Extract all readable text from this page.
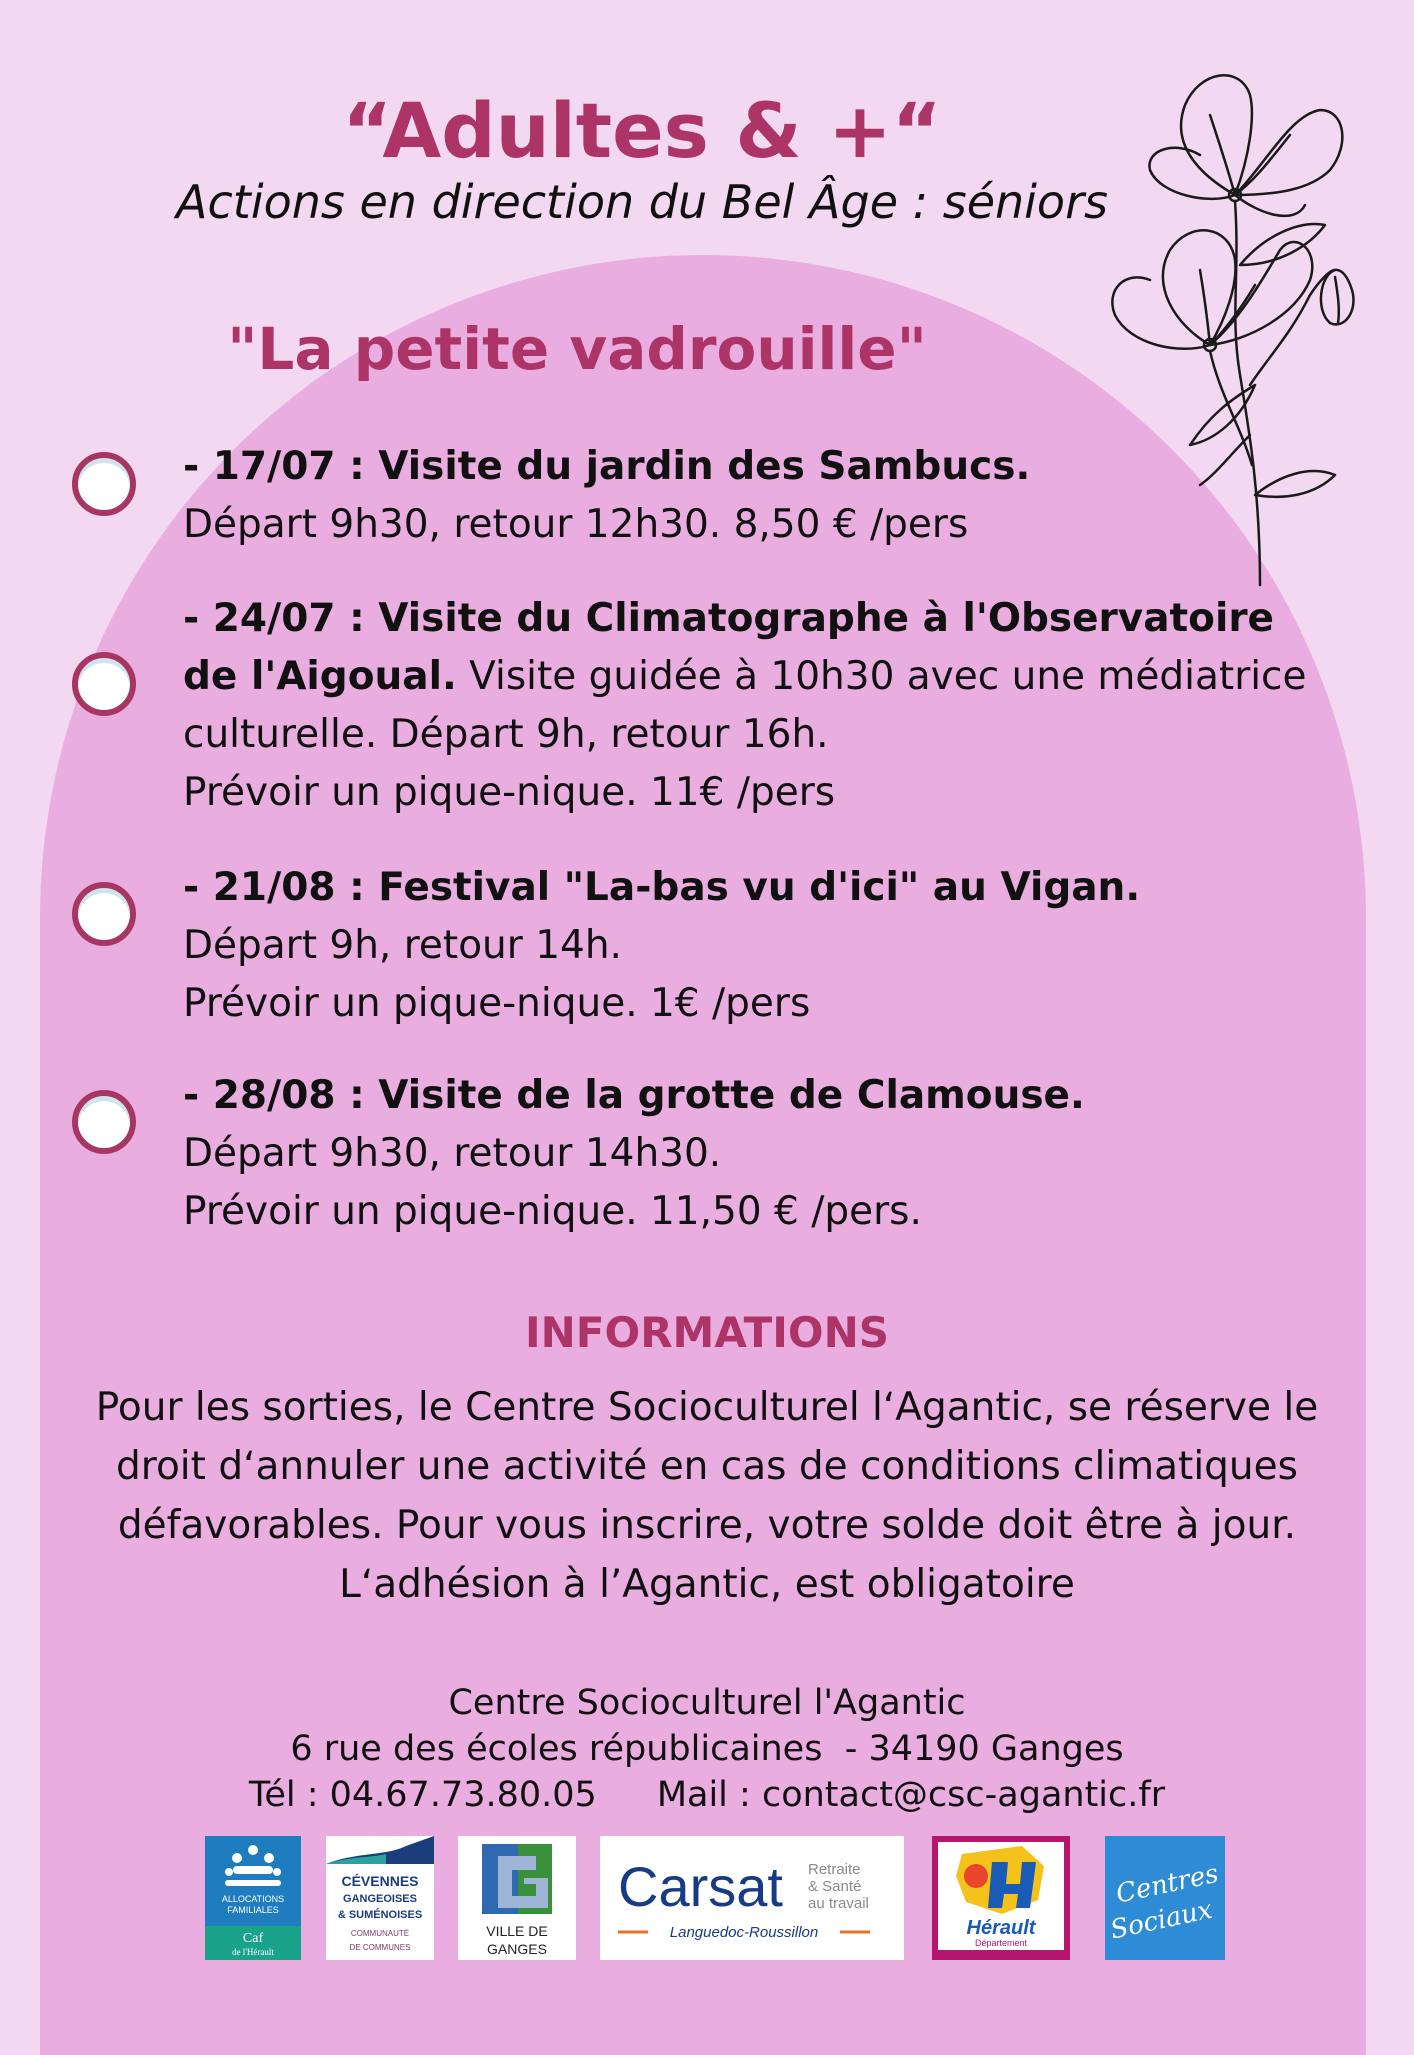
“Adultes & +“
Actions en direction du Bel Âge : séniors
"La petite vadrouille"
- 17/07 : Visite du jardin des Sambucs.
Départ 9h30, retour 12h30. 8,50 € /pers
- 24/07 : Visite du Climatographe à l'Observatoire de l'Aigoual. Visite guidée à 10h30 avec une médiatrice culturelle. Départ 9h, retour 16h.
Prévoir un pique-nique. 11€ /pers
- 21/08 : Festival "La-bas vu d'ici" au Vigan.
Départ 9h, retour 14h.
Prévoir un pique-nique. 1€ /pers
- 28/08 : Visite de la grotte de Clamouse.
Départ 9h30, retour 14h30.
Prévoir un pique-nique. 11,50 € /pers.
INFORMATIONS
Pour les sorties, le Centre Socioculturel l‘Agantic, se réserve le droit d‘annuler une activité en cas de conditions climatiques défavorables. Pour vous inscrire, votre solde doit être à jour. L‘adhésion à l’Agantic, est obligatoire
Centre Socioculturel l'Agantic
6 rue des écoles républicaines  - 34190 Ganges
Tél : 04.67.73.80.05 Mail : contact@csc-agantic.fr
ALLOCATIONS
FAMILIALES
Caf
de l'Hérault
CÉVENNES
GANGEOISES
& SUMÉNOISES
COMMUNAUTÉ
DE COMMUNES
VILLE DE
GANGES
Carsat Retraite
& Santé
au travail
Languedoc-Roussillon	Hérault
Département
Centres
Sociaux
